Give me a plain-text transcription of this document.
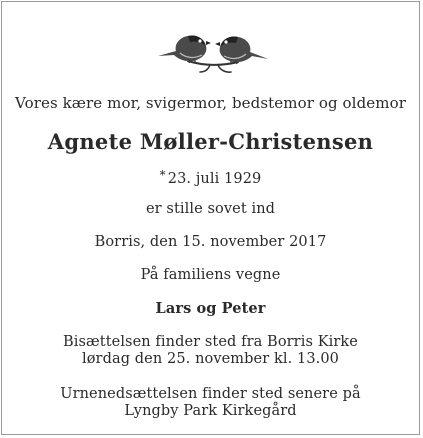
Vores kære mor, svigermor, bedstemor og oldemor
Agnete Møller-Christensen
* 23. juli 1929
er stille sovet ind
Borris, den 15. november 2017
På familiens vegne
Lars og Peter
Bisættelsen finder sted fra Borris Kirke
lørdag den 25. november kl. 13.00
Urnenedsættelsen finder sted senere på
Lyngby Park Kirkegård
